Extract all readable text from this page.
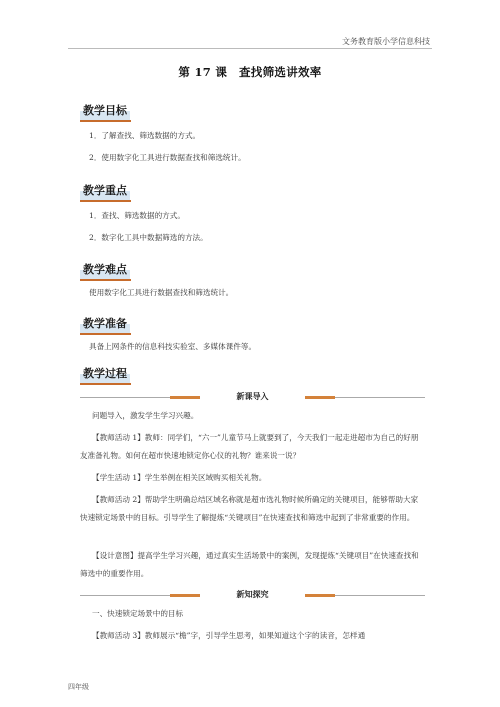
文务教育版小学信息科技
第 17 课　查找筛选讲效率
教学目标
1．了解查找、筛选数据的方式。
2．使用数字化工具进行数据查找和筛选统计。
教学重点
1．查找、筛选数据的方式。
2．数字化工具中数据筛选的方法。
教学难点
使用数字化工具进行数据查找和筛选统计。
教学准备
具备上网条件的信息科技实验室、多媒体课件等。
教学过程
新课导入
问题导入，激发学生学习兴趣。
【教师活动 1】教师：同学们，“六一”儿童节马上就要到了，今天我们一起走进超市为自己的好朋友准备礼物。如何在超市快速地锁定你心仪的礼物？谁来说一说？
【学生活动 1】学生举例在相关区域购买相关礼物。
【教师活动 2】帮助学生明确总结区域名称就是超市选礼物时候所确定的关键项目，能够帮助大家快速锁定场景中的目标。引导学生了解提炼“关键项目”在快速查找和筛选中起到了非常重要的作用。
【设计意图】提高学生学习兴趣，通过真实生活场景中的案例，发现提炼“关键项目”在快速查找和筛选中的重要作用。
新知探究
一、快速锁定场景中的目标
【教师活动 3】教师展示“檐”字，引导学生思考，如果知道这个字的读音，怎样通
四年级
